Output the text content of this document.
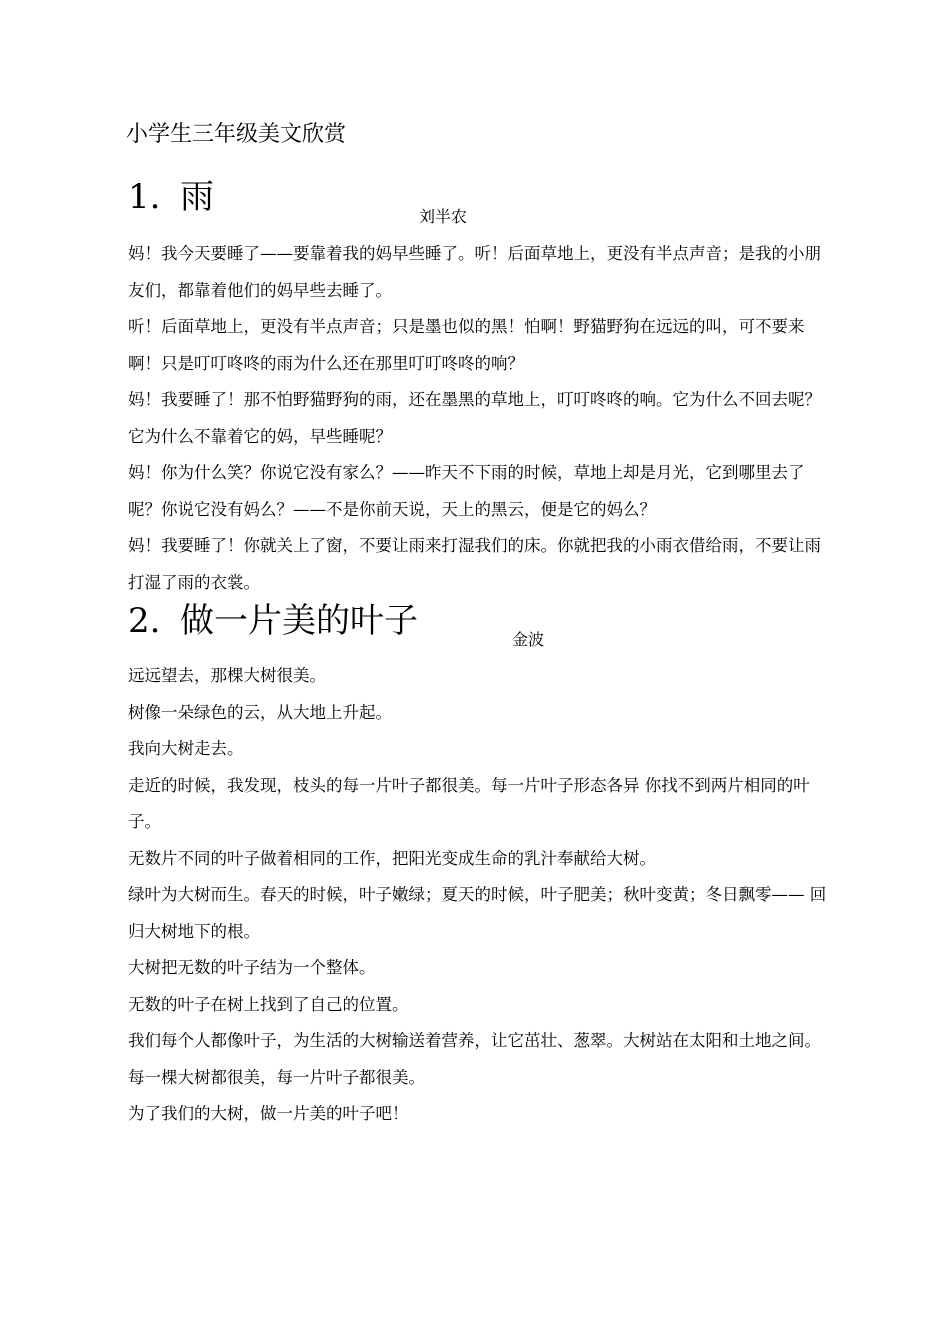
小学生三年级美文欣赏
1. 雨	刘半农

妈！我今天要睡了——要靠着我的妈早些睡了。听！后面草地上，更没有半点声音；是我的小朋友们，都靠着他们的妈早些去睡了。

听！后面草地上，更没有半点声音；只是墨也似的黑！怕啊！野猫野狗在远远的叫，可不要来啊！只是叮叮咚咚的雨为什么还在那里叮叮咚咚的响？

妈！我要睡了！那不怕野猫野狗的雨，还在墨黑的草地上，叮叮咚咚的响。它为什么不回去呢？它为什么不靠着它的妈，早些睡呢？

妈！你为什么笑？你说它没有家么？——昨天不下雨的时候，草地上却是月光，它到哪里去了呢？你说它没有妈么？——不是你前天说，天上的黑云，便是它的妈么？

妈！我要睡了！你就关上了窗，不要让雨来打湿我们的床。你就把我的小雨衣借给雨，不要让雨打湿了雨的衣裳。

2. 做一片美的叶子	金波

远远望去，那棵大树很美。

树像一朵绿色的云，从大地上升起。

我向大树走去。

走近的时候，我发现，枝头的每一片叶子都很美。每一片叶子形态各异 你找不到两片相同的叶子。

无数片不同的叶子做着相同的工作，把阳光变成生命的乳汁奉献给大树。

绿叶为大树而生。春天的时候，叶子嫩绿；夏天的时候，叶子肥美；秋叶变黄；冬日飘零—— 回归大树地下的根。

大树把无数的叶子结为一个整体。

无数的叶子在树上找到了自己的位置。

我们每个人都像叶子，为生活的大树输送着营养，让它茁壮、葱翠。大树站在太阳和土地之间。

每一棵大树都很美，每一片叶子都很美。

为了我们的大树，做一片美的叶子吧！
